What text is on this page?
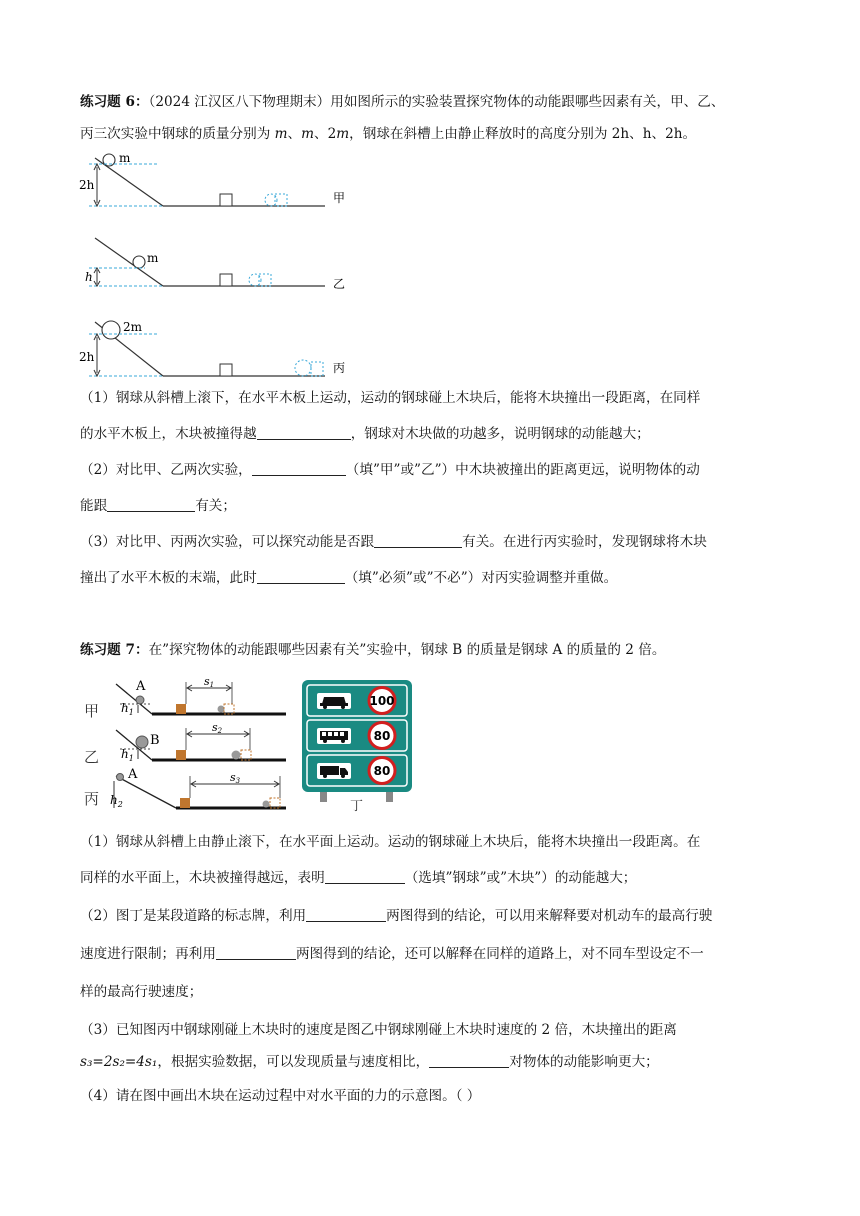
练习题 6：（2024 江汉区八下物理期末）用如图所示的实验装置探究物体的动能跟哪些因素有关，甲、乙、
丙三次实验中钢球的质量分别为 m、m、2m，钢球在斜槽上由静止释放时的高度分别为 2h、h、2h。
m
2h
甲
m
h	乙
2m
2h
丙
（1）钢球从斜槽上滚下，在水平木板上运动，运动的钢球碰上木块后，能将木块撞出一段距离，在同样
的水平木板上，木块被撞得越	，钢球对木块做的功越多，说明钢球的动能越大；
（2）对比甲、乙两次实验，	（填”甲”或”乙”）中木块被撞出的距离更远，说明物体的动
能跟	有关；
（3）对比甲、丙两次实验，可以探究动能是否跟	有关。在进行丙实验时，发现钢球将木块
撞出了水平木板的末端，此时	（填”必须”或”不必”）对丙实验调整并重做。
练习题 7：在”探究物体的动能跟哪些因素有关”实验中，钢球 B 的质量是钢球 A 的质量的 2 倍。
甲
A
$h_1$
s1
乙
B
$h_1$
s2
丙
A
$h_2$
s3
100
80
80
丁
（1）钢球从斜槽上由静止滚下，在水平面上运动。运动的钢球碰上木块后，能将木块撞出一段距离。在
同样的水平面上，木块被撞得越远，表明	（选填”钢球”或”木块”）的动能越大；
（2）图丁是某段道路的标志牌，利用	两图得到的结论，可以用来解释要对机动车的最高行驶
速度进行限制；再利用	两图得到的结论，还可以解释在同样的道路上，对不同车型设定不一
样的最高行驶速度；
（3）已知图丙中钢球刚碰上木块时的速度是图乙中钢球刚碰上木块时速度的 2 倍，木块撞出的距离
s₃=2s₂=4s₁，根据实验数据，可以发现质量与速度相比，	对物体的动能影响更大；
（4）请在图中画出木块在运动过程中对水平面的力的示意图。（ ）
